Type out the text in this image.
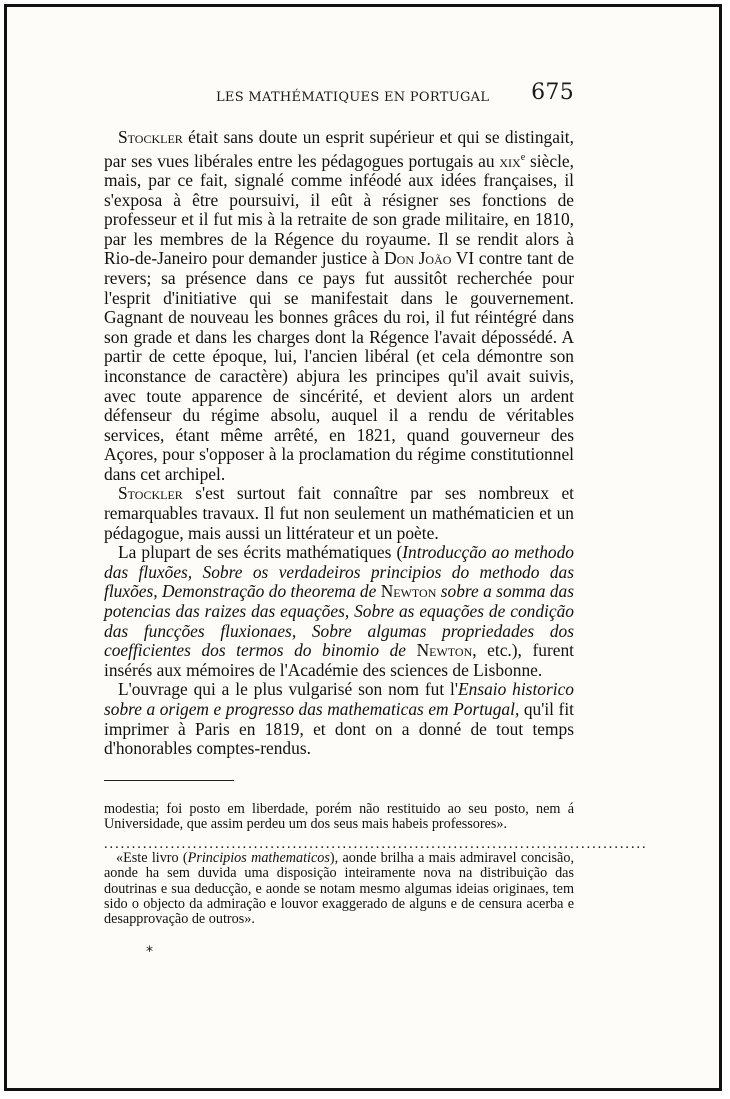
LES MATHÉMATIQUES EN PORTUGAL 675

Stockler était sans doute un esprit supérieur et qui se distingait, par ses vues libérales entre les pédagogues portugais au xix$^e$ siècle, mais, par ce fait, signalé comme inféodé aux idées françaises, il s'exposa à être poursuivi, il eût à résigner ses fonctions de professeur et il fut mis à la retraite de son grade militaire, en 1810, par les membres de la Régence du royaume. Il se rendit alors à Rio-de-Janeiro pour demander justice à Don João VI contre tant de revers; sa présence dans ce pays fut aussitôt recherchée pour l'esprit d'initiative qui se manifestait dans le gouvernement. Gagnant de nouveau les bonnes grâces du roi, il fut réintégré dans son grade et dans les charges dont la Régence l'avait dépossédé. A partir de cette époque, lui, l'ancien libéral (et cela démontre son inconstance de caractère) abjura les principes qu'il avait suivis, avec toute apparence de sincérité, et devient alors un ardent défenseur du régime absolu, auquel il a rendu de véritables services, étant même arrêté, en 1821, quand gouverneur des Açores, pour s'opposer à la proclamation du régime constitutionnel dans cet archipel.

Stockler s'est surtout fait connaître par ses nombreux et remarquables travaux. Il fut non seulement un mathématicien et un pédagogue, mais aussi un littérateur et un poète.

La plupart de ses écrits mathématiques (Introducção ao methodo das fluxões, Sobre os verdadeiros principios do methodo das fluxões, Demonstração do theorema de Newton sobre a somma das potencias das raizes das equações, Sobre as equações de condição das funcções fluxionaes, Sobre algumas propriedades dos coefficientes dos termos do binomio de Newton, etc.), furent insérés aux mémoires de l'Académie des sciences de Lisbonne.

L'ouvrage qui a le plus vulgarisé son nom fut l'Ensaio historico sobre a origem e progresso das mathematicas em Portugal, qu'il fit imprimer à Paris en 1819, et dont on a donné de tout temps d'honorables comptes-rendus.

modestia; foi posto em liberdade, porém não restituido ao seu posto, nem á Universidade, que assim perdeu um dos seus mais habeis professores».

..................................................................................................

«Este livro (Principios mathematicos), aonde brilha a mais admiravel concisão, aonde ha sem duvida uma disposição inteiramente nova na distribuição das doutrinas e sua deducção, e aonde se notam mesmo algumas ideias originaes, tem sido o objecto da admiração e louvor exaggerado de alguns e de censura acerba e desapprovação de outros».

*
